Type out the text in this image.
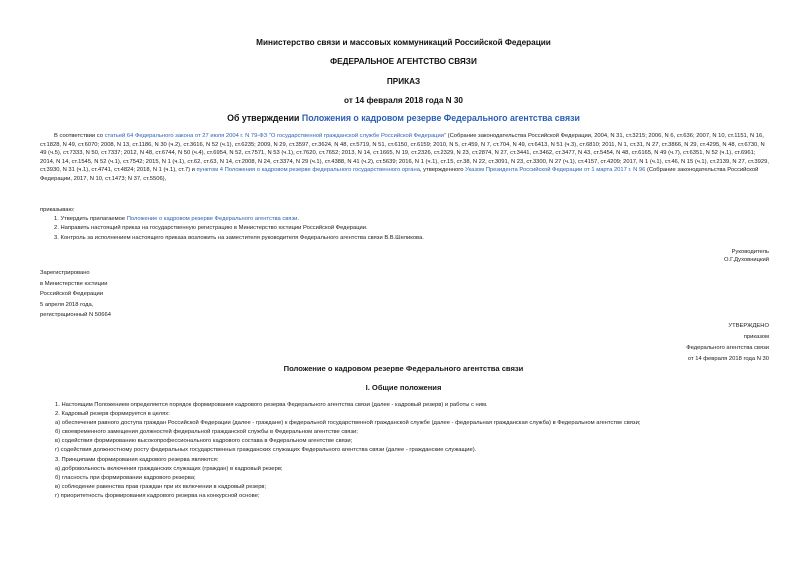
Министерство связи и массовых коммуникаций Российской Федерации
ФЕДЕРАЛЬНОЕ АГЕНТСТВО СВЯЗИ
ПРИКАЗ
от 14 февраля 2018 года N 30
Об утверждении Положения о кадровом резерве Федерального агентства связи
В соответствии со статьей 64 Федерального закона от 27 июля 2004 г. N 79-ФЗ "О государственной гражданской службе Российской Федерации" (Собрание законодательства Российской Федерации, 2004, N 31, ст.3215; 2006, N 6, ст.636; 2007, N 10, ст.1151, N 16, ст.1828, N 49, ст.6070; 2008, N 13, ст.1186, N 30 (ч.2), ст.3616, N 52 (ч.1), ст.6235; 2009, N 29, ст.3597, ст.3624, N 48, ст.5719, N 51, ст.6150, ст.6159; 2010, N 5, ст.459, N 7, ст.704, N 49, ст.6413, N 51 (ч.3), ст.6810; 2011, N 1, ст.31, N 27, ст.3866, N 29, ст.4295, N 48, ст.6730, N 49 (ч.5), ст.7333, N 50, ст.7337; 2012, N 48, ст.6744, N 50 (ч.4), ст.6954, N 52, ст.7571, N 53 (ч.1), ст.7620, ст.7652; 2013, N 14, ст.1665, N 19, ст.2326, ст.2329, N 23, ст.2874, N 27, ст.3441, ст.3462, ст.3477, N 43, ст.5454, N 48, ст.6165, N 49 (ч.7), ст.6351, N 52 (ч.1), ст.6961; 2014, N 14, ст.1545, N 52 (ч.1), ст.7542; 2015, N 1 (ч.1), ст.62, ст.63, N 14, ст.2008, N 24, ст.3374, N 29 (ч.1), ст.4388, N 41 (ч.2), ст.5639; 2016, N 1 (ч.1), ст.15, ст.38, N 22, ст.3091, N 23, ст.3300, N 27 (ч.1), ст.4157, ст.4209; 2017, N 1 (ч.1), ст.46, N 15 (ч.1), ст.2139, N 27, ст.3929, ст.3930, N 31 (ч.1), ст.4741, ст.4824; 2018, N 1 (ч.1), ст.7) и пунктом 4 Положения о кадровом резерве федерального государственного органа, утвержденного Указом Президента Российской Федерации от 1 марта 2017 г. N 96 (Собрание законодательства Российской Федерации, 2017, N 10, ст.1473; N 37, ст.5506),
приказываю:
1. Утвердить прилагаемое Положение о кадровом резерве Федерального агентства связи.
2. Направить настоящий приказ на государственную регистрацию в Министерство юстиции Российской Федерации.
3. Контроль за исполнением настоящего приказа возложить на заместителя руководителя Федерального агентства связи В.В.Шеликова.
Руководитель
О.Г.Духовницкий
Зарегистрировано
в Министерстве юстиции
Российской Федерации
5 апреля 2018 года,
регистрационный N 50664
УТВЕРЖДЕНО
приказом
Федерального агентства связи
от 14 февраля 2018 года N 30
Положение о кадровом резерве Федерального агентства связи
I. Общие положения
1. Настоящим Положением определяется порядок формирования кадрового резерва Федерального агентства связи (далее - кадровый резерв) и работы с ним.
2. Кадровый резерв формируется в целях:
а) обеспечения равного доступа граждан Российской Федерации (далее - граждане) к федеральной государственной гражданской службе (далее - федеральная гражданская служба) в Федеральном агентстве связи;
б) своевременного замещения должностей федеральной гражданской службы в Федеральном агентстве связи;
в) содействия формированию высокопрофессионального кадрового состава в Федеральном агентстве связи;
г) содействия должностному росту федеральных государственных гражданских служащих Федерального агентства связи (далее - гражданские служащие).
3. Принципами формирования кадрового резерва являются:
а) добровольность включения гражданских служащих (граждан) в кадровый резерв;
б) гласность при формировании кадрового резерва;
в) соблюдение равенства прав граждан при их включении в кадровый резерв;
г) приоритетность формирования кадрового резерва на конкурсной основе;
